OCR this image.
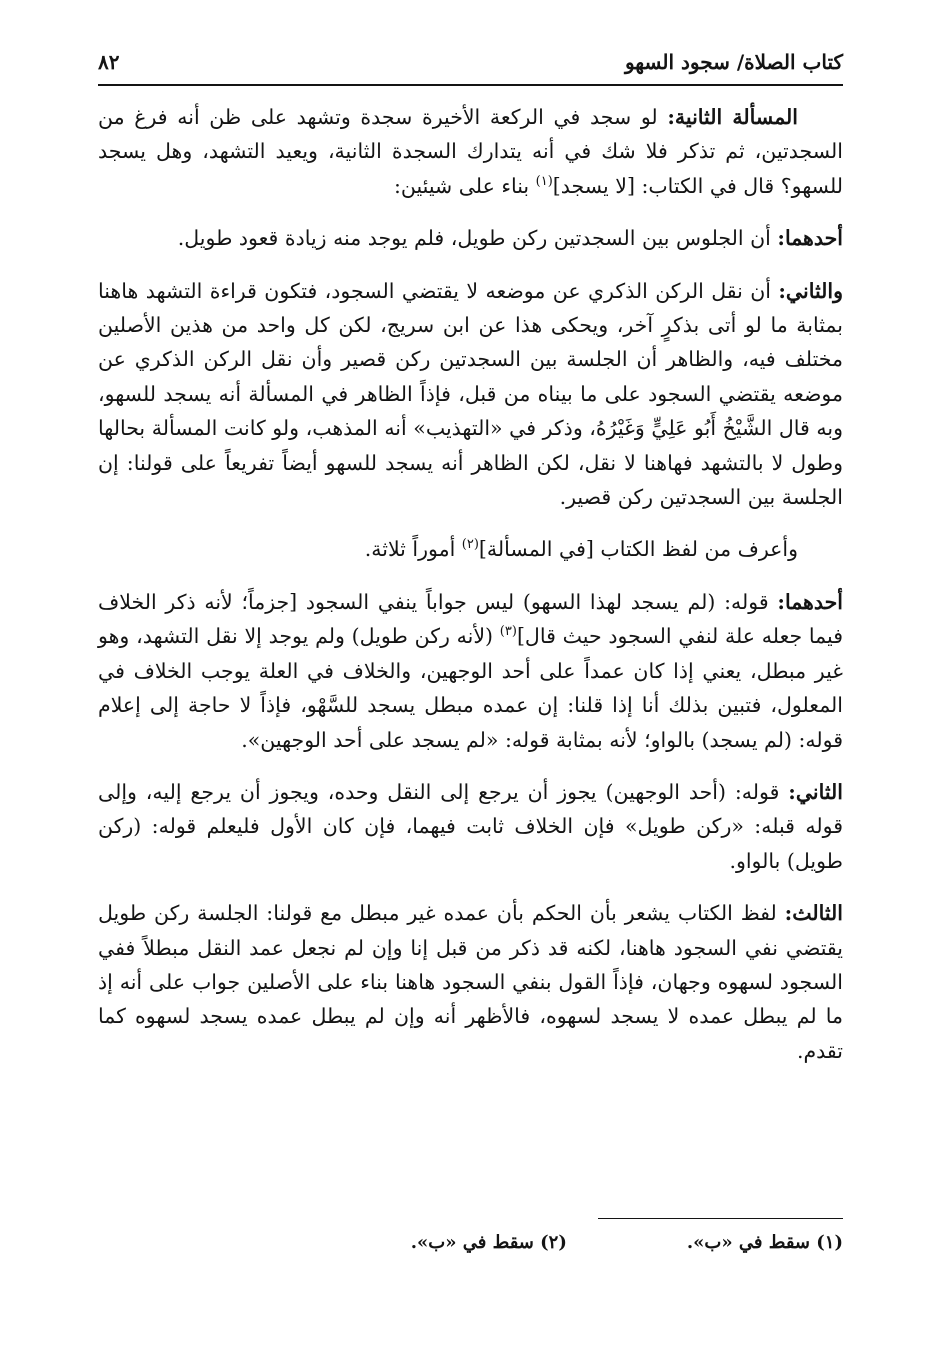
كتاب الصلاة/ سجود السهو
٨٢

المسألة الثانية: لو سجد في الركعة الأخيرة سجدة وتشهد على ظن أنه فرغ من السجدتين، ثم تذكر فلا شك في أنه يتدارك السجدة الثانية، ويعيد التشهد، وهل يسجد للسهو؟ قال في الكتاب: [لا يسجد]$^{(١)}$ بناء على شيئين:

أحدهما: أن الجلوس بين السجدتين ركن طويل، فلم يوجد منه زيادة قعود طويل.

والثاني: أن نقل الركن الذكري عن موضعه لا يقتضي السجود، فتكون قراءة التشهد هاهنا بمثابة ما لو أتى بذكرٍ آخر، ويحكى هذا عن ابن سريج، لكن كل واحد من هذين الأصلين مختلف فيه، والظاهر أن الجلسة بين السجدتين ركن قصير وأن نقل الركن الذكري عن موضعه يقتضي السجود على ما بيناه من قبل، فإذاً الظاهر في المسألة أنه يسجد للسهو، وبه قال الشَّيْخُ أَبُو عَلِيٍّ وَغَيْرُهُ، وذكر في «التهذيب» أنه المذهب، ولو كانت المسألة بحالها وطول لا بالتشهد فهاهنا لا نقل، لكن الظاهر أنه يسجد للسهو أيضاً تفريعاً على قولنا: إن الجلسة بين السجدتين ركن قصير.

وأعرف من لفظ الكتاب [في المسألة]$^{(٢)}$ أموراً ثلاثة.

أحدهما: قوله: (لم يسجد لهذا السهو) ليس جواباً ينفي السجود [جزماً؛ لأنه ذكر الخلاف فيما جعله علة لنفي السجود حيث قال]$^{(٣)}$ (لأنه ركن طويل) ولم يوجد إلا نقل التشهد، وهو غير مبطل، يعني إذا كان عمداً على أحد الوجهين، والخلاف في العلة يوجب الخلاف في المعلول، فتبين بذلك أنا إذا قلنا: إن عمده مبطل يسجد للسَّهْو، فإذاً لا حاجة إلى إعلام قوله: (لم يسجد) بالواو؛ لأنه بمثابة قوله: «لم يسجد على أحد الوجهين».

الثاني: قوله: (أحد الوجهين) يجوز أن يرجع إلى النقل وحده، ويجوز أن يرجع إليه، وإلى قوله قبله: «ركن طويل» فإن الخلاف ثابت فيهما، فإن كان الأول فليعلم قوله: (ركن طويل) بالواو.

الثالث: لفظ الكتاب يشعر بأن الحكم بأن عمده غير مبطل مع قولنا: الجلسة ركن طويل يقتضي نفي السجود هاهنا، لكنه قد ذكر من قبل إنا وإن لم نجعل عمد النقل مبطلاً ففي السجود لسهوه وجهان، فإذاً القول بنفي السجود هاهنا بناء على الأصلين جواب على أنه إذ ما لم يبطل عمده لا يسجد لسهوه، فالأظهر أنه وإن لم يبطل عمده يسجد لسهوه كما تقدم.

(١) سقط في «ب».
(٢) سقط في «ب».
